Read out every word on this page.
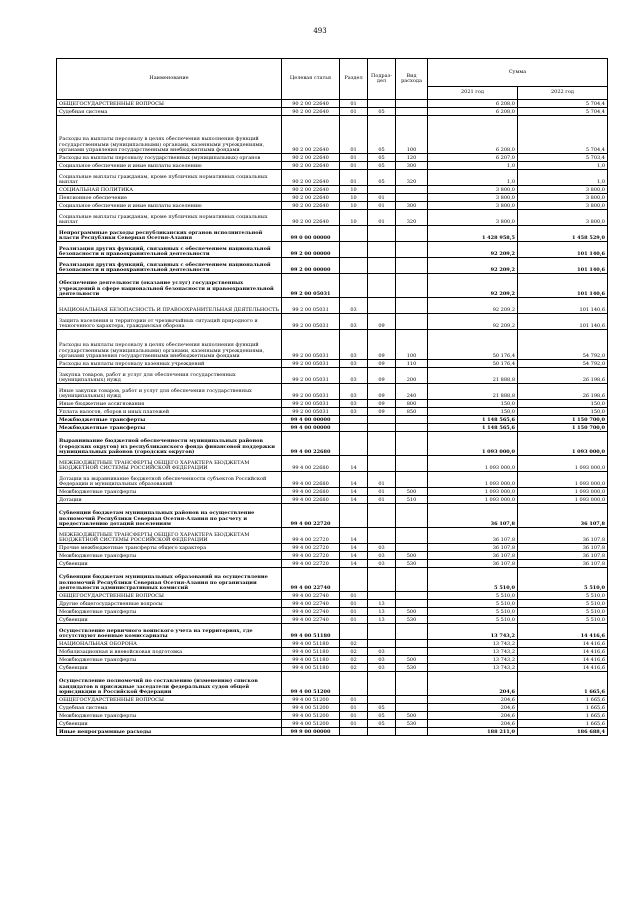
493
Наименование	Целевая статья	Раздел	Подраз-
дел	Вид расхода	Сумма	
					2021 год	2022 год
ОБЩЕГОСУДАРСТВЕННЫЕ ВОПРОСЫ	90 2 00 22640	01			6 208,0	5 704,4
Судебная система	90 2 00 22640	01	05		6 208,0	5 704,4
Расходы на выплаты персоналу в целях обеспечения выполнения функций государственными (муниципальными) органами, казенными учреждениями, органами управления государственными внебюджетными фондами	90 2 00 22640	01	05	100	6 208,0	5 704,4
Расходы на выплаты персоналу государственных (муниципальных) органов	90 2 00 22640	01	05	120	6 207,0	5 703,4
Социальное обеспечение и иные выплаты населению	90 2 00 22640	01	05	300	1,0	1,0
Социальные выплаты гражданам, кроме публичных нормативных социальных выплат	90 2 00 22640	01	05	320	1,0	1,0
СОЦИАЛЬНАЯ ПОЛИТИКА	90 2 00 22640	10			3 800,0	3 800,0
Пенсионное обеспечение	90 2 00 22640	10	01		3 800,0	3 800,0
Социальное обеспечение и иные выплаты населению	90 2 00 22640	10	01	300	3 800,0	3 800,0
Социальные выплаты гражданам, кроме публичных нормативных социальных выплат	90 2 00 22640	10	01	320	3 800,0	3 800,0
Непрограммные расходы республиканских органов исполнительной власти Республики Северная Осетия-Алания	99 0 00 00000				1 428 958,5	1 458 529,0
Реализация других функций, связанных с обеспечением национальной безопасности и правоохранительной деятельности	99 2 00 00000				92 209,2	101 140,6
Реализация других функций, связанных с обеспечением национальной безопасности и правоохранительной деятельности	99 2 00 00000				92 209,2	101 140,6
Обеспечение деятельности (оказание услуг) государственных учреждений в сфере национальной безопасности и правоохранительной деятельности	99 2 00 05031				92 209,2	101 140,6
НАЦИОНАЛЬНАЯ БЕЗОПАСНОСТЬ И ПРАВООХРАНИТЕЛЬНАЯ ДЕЯТЕЛЬНОСТЬ	99 2 00 05031	03			92 209,2	101 140,6
Защита населения и территории от чрезвычайных ситуаций природного и техногенного характера, гражданская оборона	99 2 00 05031	03	09		92 209,2	101 140,6
Расходы на выплаты персоналу в целях обеспечения выполнения функций государственными (муниципальными) органами, казенными учреждениями, органами управления государственными внебюджетными фондами	99 2 00 05031	03	09	100	50 176,4	54 792,0
Расходы на выплаты персоналу казенных учреждений	99 2 00 05031	03	09	110	50 176,4	54 792,0
Закупка товаров, работ и услуг для обеспечения государственных (муниципальных) нужд	99 2 00 05031	03	09	200	21 888,8	26 198,6
Иные закупки товаров, работ и услуг для обеспечения государственных (муниципальных) нужд	99 2 00 05031	03	09	240	21 888,8	26 198,6
Иные бюджетные ассигнования	99 2 00 05031	03	09	800	150,0	150,0
Уплата налогов, сборов и иных платежей	99 2 00 05031	03	09	850	150,0	150,0
Межбюджетные трансферты	99 4 00 00000				1 148 565,6	1 150 700,0
Межбюджетные трансферты	99 4 00 00000				1 148 565,6	1 150 700,0
Выравнивание бюджетной обеспеченности муниципальных районов (городских округов) из республиканского фонда финансовой поддержки муниципальных районов (городских округов)	99 4 00 22680				1 093 000,0	1 093 000,0
МЕЖБЮДЖЕТНЫЕ ТРАНСФЕРТЫ ОБЩЕГО ХАРАКТЕРА БЮДЖЕТАМ БЮДЖЕТНОЙ СИСТЕМЫ РОССИЙСКОЙ ФЕДЕРАЦИИ	99 4 00 22680	14			1 093 000,0	1 093 000,0
Дотации на выравнивание бюджетной обеспеченности субъектов Российской Федерации и муниципальных образований	99 4 00 22680	14	01		1 093 000,0	1 093 000,0
Межбюджетные трансферты	99 4 00 22680	14	01	500	1 093 000,0	1 093 000,0
Дотации	99 4 00 22680	14	01	510	1 093 000,0	1 093 000,0
Субвенции бюджетам муниципальных районов на осуществление полномочий Республики Северная Осетия-Алания по расчету и предоставлению дотаций поселениям	99 4 00 22720				36 107,8	36 107,8
МЕЖБЮДЖЕТНЫЕ ТРАНСФЕРТЫ ОБЩЕГО ХАРАКТЕРА БЮДЖЕТАМ БЮДЖЕТНОЙ СИСТЕМЫ РОССИЙСКОЙ ФЕДЕРАЦИИ	99 4 00 22720	14			36 107,8	36 107,8
Прочие межбюджетные трансферты общего характера	99 4 00 22720	14	03		36 107,8	36 107,8
Межбюджетные трансферты	99 4 00 22720	14	03	500	36 107,8	36 107,8
Субвенции	99 4 00 22720	14	03	530	36 107,8	36 107,8
Субвенции бюджетам муниципальных образований на осуществление полномочий Республики Северная Осетия-Алания по организации деятельности административных комиссий	99 4 00 22740				5 510,0	5 510,0
ОБЩЕГОСУДАРСТВЕННЫЕ ВОПРОСЫ	99 4 00 22740	01			5 510,0	5 510,0
Другие общегосударственные вопросы	99 4 00 22740	01	13		5 510,0	5 510,0
Межбюджетные трансферты	99 4 00 22740	01	13	500	5 510,0	5 510,0
Субвенции	99 4 00 22740	01	13	530	5 510,0	5 510,0
Осуществление первичного воинского учета на территориях, где отсутствуют военные комиссариаты	99 4 00 51180				13 743,2	14 416,6
НАЦИОНАЛЬНАЯ ОБОРОНА	99 4 00 51180	02			13 743,2	14 416,6
Мобилизационная и вневойсковая подготовка	99 4 00 51180	02	03		13 743,2	14 416,6
Межбюджетные трансферты	99 4 00 51180	02	03	500	13 743,2	14 416,6
Субвенции	99 4 00 51180	02	03	530	13 743,2	14 416,6
Осуществление полномочий по составлению (изменению) списков кандидатов в присяжные заседатели федеральных судов общей юрисдикции в Российской Федерации	99 4 00 51200				204,6	1 665,6
ОБЩЕГОСУДАРСТВЕННЫЕ ВОПРОСЫ	99 4 00 51200	01			204,6	1 665,6
Судебная система	99 4 00 51200	01	05		204,6	1 665,6
Межбюджетные трансферты	99 4 00 51200	01	05	500	204,6	1 665,6
Субвенции	99 4 00 51200	01	05	530	204,6	1 665,6
Иные непрограммные расходы	99 9 00 00000				188 211,0	186 688,4
